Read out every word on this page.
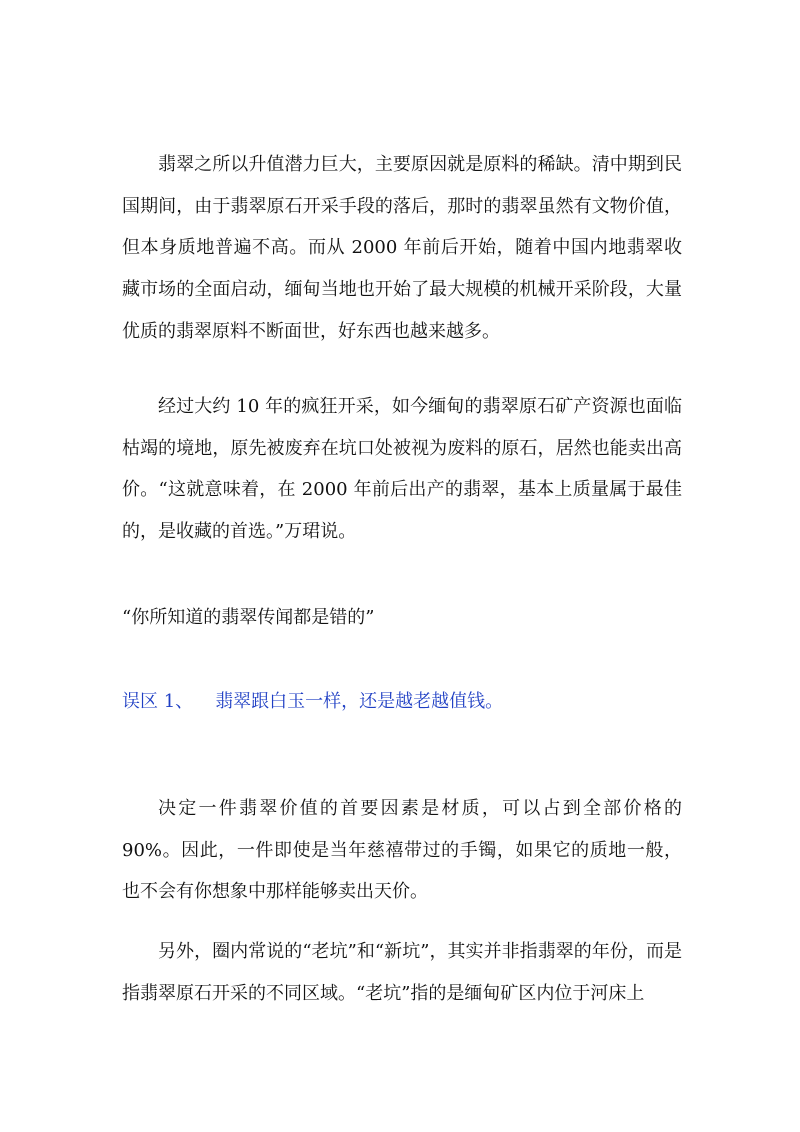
翡翠之所以升值潜力巨大，主要原因就是原料的稀缺。清中期到民国期间，由于翡翠原石开采手段的落后，那时的翡翠虽然有文物价值，但本身质地普遍不高。而从 2000 年前后开始，随着中国内地翡翠收藏市场的全面启动，缅甸当地也开始了最大规模的机械开采阶段，大量优质的翡翠原料不断面世，好东西也越来越多。

经过大约 10 年的疯狂开采，如今缅甸的翡翠原石矿产资源也面临枯竭的境地，原先被废弃在坑口处被视为废料的原石，居然也能卖出高价。“这就意味着，在 2000 年前后出产的翡翠，基本上质量属于最佳的，是收藏的首选。”万珺说。

“你所知道的翡翠传闻都是错的”

误区 1、 翡翠跟白玉一样，还是越老越值钱。

决定一件翡翠价值的首要因素是材质，可以占到全部价格的 90%。因此，一件即使是当年慈禧带过的手镯，如果它的质地一般，也不会有你想象中那样能够卖出天价。

另外，圈内常说的“老坑”和“新坑”，其实并非指翡翠的年份，而是指翡翠原石开采的不同区域。“老坑”指的是缅甸矿区内位于河床上
